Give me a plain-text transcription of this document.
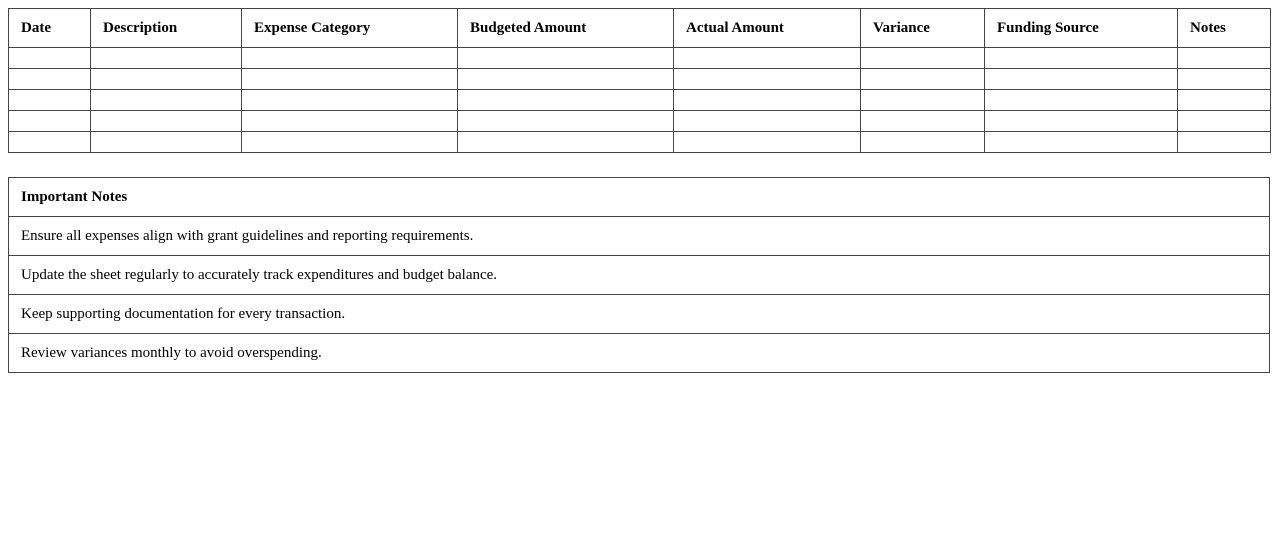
Date	Description	Expense Category	Budgeted Amount	Actual Amount	Variance	Funding Source	Notes

Important Notes
Ensure all expenses align with grant guidelines and reporting requirements.
Update the sheet regularly to accurately track expenditures and budget balance.
Keep supporting documentation for every transaction.
Review variances monthly to avoid overspending.
